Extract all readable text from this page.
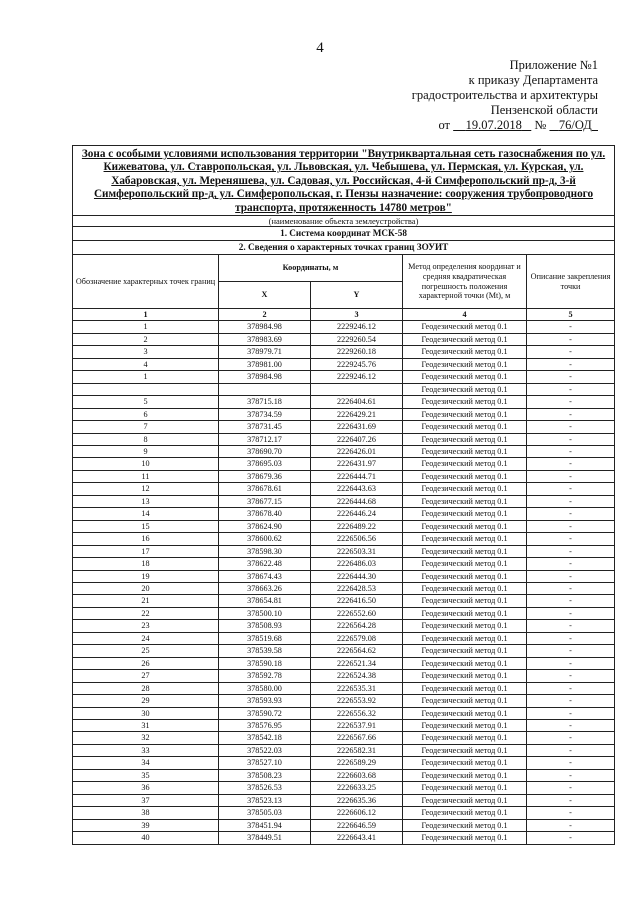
4
Приложение №1
к приказу Департамента
градостроительства и архитектуры
Пензенской области
от 19.07.2018 № 76/ОД
Зона с особыми условиями использования территории "Внутриквартальная сеть газоснабжения по ул. Кижеватова, ул. Ставропольская, ул. Львовская, ул. Чебышева, ул. Пермская, ул. Курская, ул. Хабаровская, ул. Мереняшева, ул. Садовая, ул. Российская, 4-й Симферопольский пр-д, 3-й Симферопольский пр-д, ул. Симферопольская, г. Пензы назначение: сооружения трубопроводного транспорта, протяженность 14780 метров"				
(наименование объекта землеустройства)				
1. Система координат МСК-58				
2. Сведения о характерных точках границ ЗОУИТ				
Обозначение характерных точек границ	Координаты, м		Метод определения координат и средняя квадратическая погрешность положения характерной точки (Mt), м	Описание закрепления точки
	X	Y		
1	2	3	4	5
1	378984.98	2229246.12	Геодезический метод 0.1	-
2	378983.69	2229260.54	Геодезический метод 0.1	-
3	378979.71	2229260.18	Геодезический метод 0.1	-
4	378981.00	2229245.76	Геодезический метод 0.1	-
1	378984.98	2229246.12	Геодезический метод 0.1	-
			Геодезический метод 0.1	-
5	378715.18	2226404.61	Геодезический метод 0.1	-
6	378734.59	2226429.21	Геодезический метод 0.1	-
7	378731.45	2226431.69	Геодезический метод 0.1	-
8	378712.17	2226407.26	Геодезический метод 0.1	-
9	378690.70	2226426.01	Геодезический метод 0.1	-
10	378695.03	2226431.97	Геодезический метод 0.1	-
11	378679.36	2226444.71	Геодезический метод 0.1	-
12	378678.61	2226443.63	Геодезический метод 0.1	-
13	378677.15	2226444.68	Геодезический метод 0.1	-
14	378678.40	2226446.24	Геодезический метод 0.1	-
15	378624.90	2226489.22	Геодезический метод 0.1	-
16	378600.62	2226506.56	Геодезический метод 0.1	-
17	378598.30	2226503.31	Геодезический метод 0.1	-
18	378622.48	2226486.03	Геодезический метод 0.1	-
19	378674.43	2226444.30	Геодезический метод 0.1	-
20	378663.26	2226428.53	Геодезический метод 0.1	-
21	378654.81	2226416.50	Геодезический метод 0.1	-
22	378500.10	2226552.60	Геодезический метод 0.1	-
23	378508.93	2226564.28	Геодезический метод 0.1	-
24	378519.68	2226579.08	Геодезический метод 0.1	-
25	378539.58	2226564.62	Геодезический метод 0.1	-
26	378590.18	2226521.34	Геодезический метод 0.1	-
27	378592.78	2226524.38	Геодезический метод 0.1	-
28	378580.00	2226535.31	Геодезический метод 0.1	-
29	378593.93	2226553.92	Геодезический метод 0.1	-
30	378590.72	2226556.32	Геодезический метод 0.1	-
31	378576.95	2226537.91	Геодезический метод 0.1	-
32	378542.18	2226567.66	Геодезический метод 0.1	-
33	378522.03	2226582.31	Геодезический метод 0.1	-
34	378527.10	2226589.29	Геодезический метод 0.1	-
35	378508.23	2226603.68	Геодезический метод 0.1	-
36	378526.53	2226633.25	Геодезический метод 0.1	-
37	378523.13	2226635.36	Геодезический метод 0.1	-
38	378505.03	2226606.12	Геодезический метод 0.1	-
39	378451.94	2226646.59	Геодезический метод 0.1	-
40	378449.51	2226643.41	Геодезический метод 0.1	-
